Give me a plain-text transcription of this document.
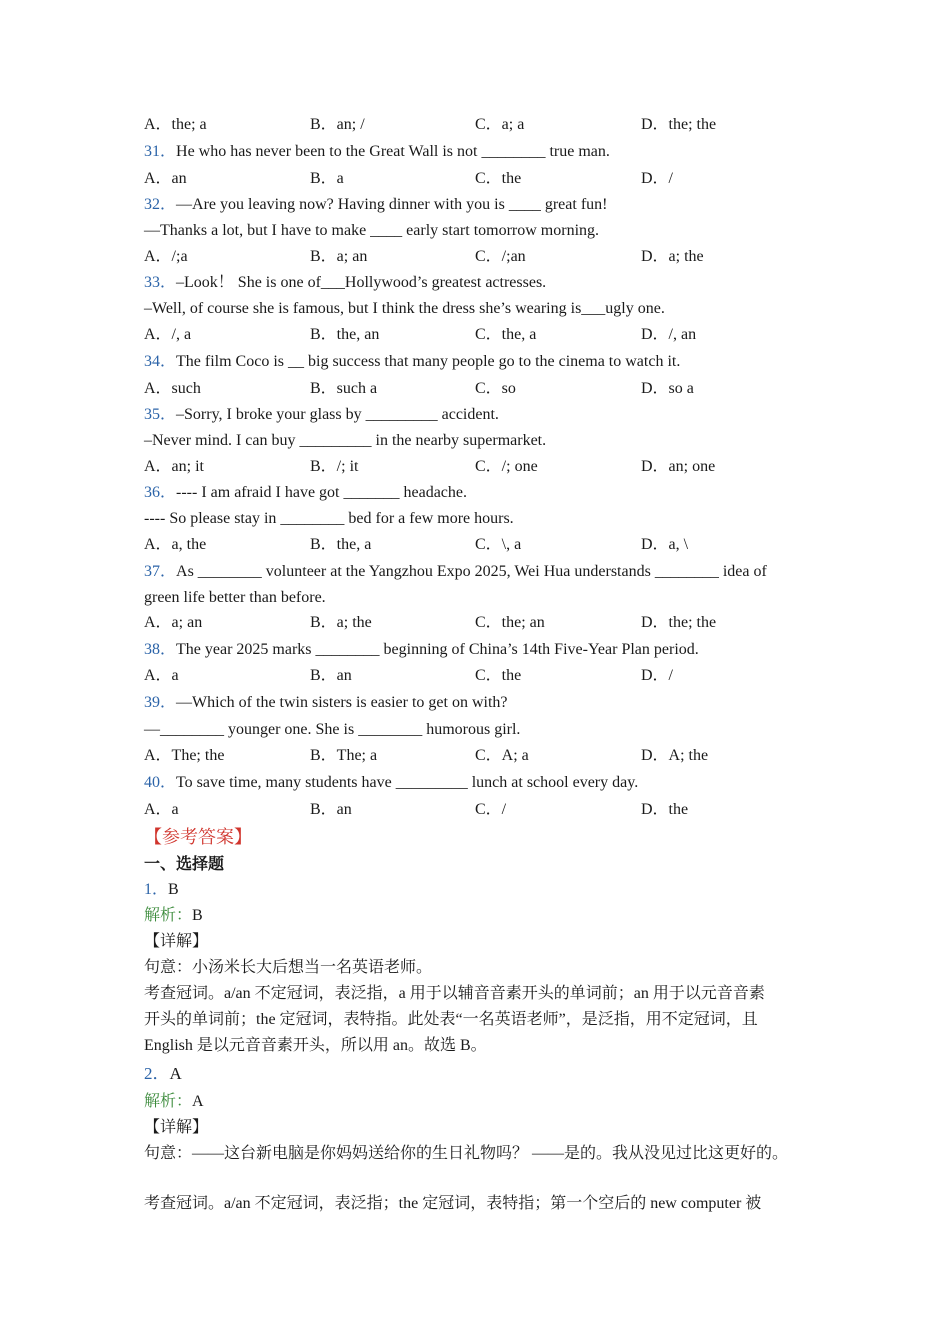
A．the; a	B．an; /	C．a; a	D．the; the
31．He who has never been to the Great Wall is not ________ true man.
A．an	B．a	C．the	D．/
32．—Are you leaving now? Having dinner with you is ____ great fun!
—Thanks a lot, but I have to make ____ early start tomorrow morning.
A．/;a	B．a; an	C．/;an	D．a; the
33．–Look！ She is one of___Hollywood’s greatest actresses.
–Well, of course she is famous, but I think the dress she’s wearing is___ugly one.
A．/, a	B．the, an	C．the, a	D．/, an
34．The film Coco is __ big success that many people go to the cinema to watch it.
A．such	B．such a	C．so	D．so a
35．–Sorry, I broke your glass by _________ accident.
–Never mind. I can buy _________ in the nearby supermarket.
A．an; it	B．/; it	C．/; one	D．an; one
36．---- I am afraid I have got _______ headache.
---- So please stay in ________ bed for a few more hours.
A．a, the	B．the, a	C．\, a	D．a, \
37．As ________ volunteer at the Yangzhou Expo 2025, Wei Hua understands ________ idea of
green life better than before.
A．a; an	B．a; the	C．the; an	D．the; the
38．The year 2025 marks ________ beginning of China’s 14th Five-Year Plan period.
A．a	B．an	C．the	D．/
39．—Which of the twin sisters is easier to get on with?
—________ younger one. She is ________ humorous girl.
A．The; the	B．The; a	C．A; a	D．A; the
40．To save time, many students have _________ lunch at school every day.
A．a	B．an	C．/	D．the
【参考答案】
一、选择题
1．B
解析：B
【详解】
句意：小汤米长大后想当一名英语老师。
考查冠词。a/an 不定冠词，表泛指，a 用于以辅音音素开头的单词前；an 用于以元音音素
开头的单词前；the 定冠词，表特指。此处表“一名英语老师”，是泛指，用不定冠词，且
English 是以元音音素开头，所以用 an。故选 B。
2．A
解析：A
【详解】
句意：——这台新电脑是你妈妈送给你的生日礼物吗？ ——是的。我从没见过比这更好的。
考查冠词。a/an 不定冠词，表泛指；the 定冠词，表特指；第一个空后的 new computer 被
